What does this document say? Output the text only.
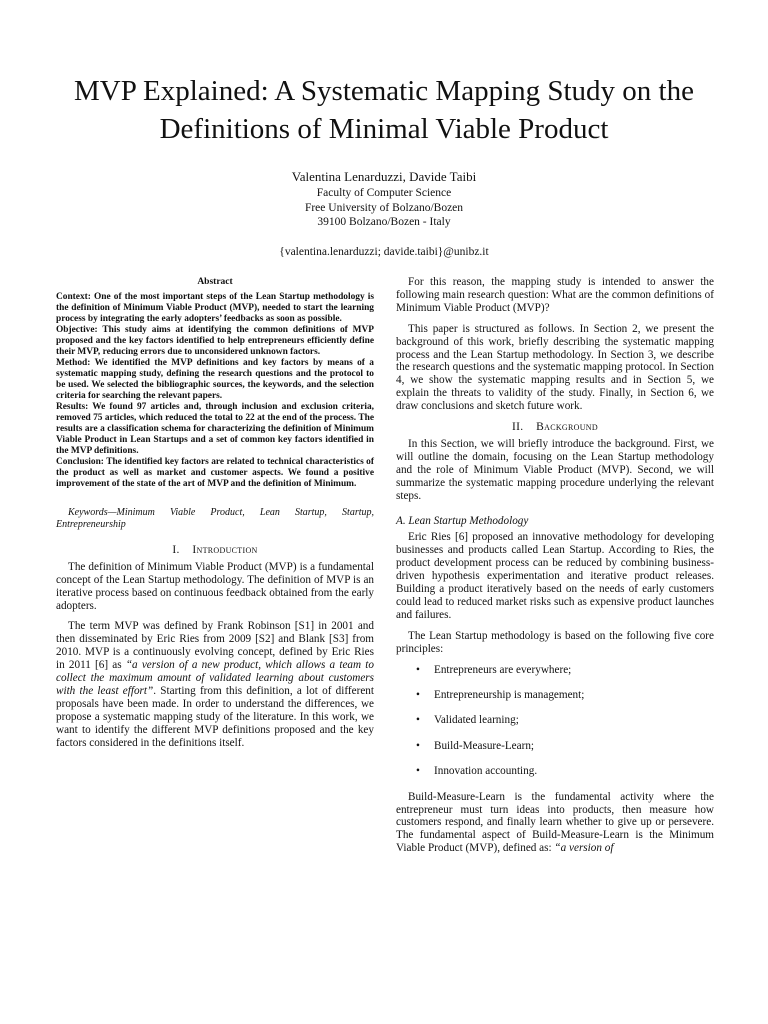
MVP Explained: A Systematic Mapping Study on the
Definitions of Minimal Viable Product
Valentina Lenarduzzi, Davide Taibi
Faculty of Computer Science
Free University of Bolzano/Bozen
39100 Bolzano/Bozen - Italy
{valentina.lenarduzzi; davide.taibi}@unibz.it

Abstract

Context: One of the most important steps of the Lean Startup methodology is the definition of Minimum Viable Product (MVP), needed to start the learning process by integrating the early adopters’ feedbacks as soon as possible.

Objective: This study aims at identifying the common definitions of MVP proposed and the key factors identified to help entrepreneurs efficiently define their MVP, reducing errors due to unconsidered unknown factors.

Method: We identified the MVP definitions and key factors by means of a systematic mapping study, defining the research questions and the protocol to be used. We selected the bibliographic sources, the keywords, and the selection criteria for searching the relevant papers.

Results: We found 97 articles and, through inclusion and exclusion criteria, removed 75 articles, which reduced the total to 22 at the end of the process. The results are a classification schema for characterizing the definition of Minimum Viable Product in Lean Startups and a set of common key factors identified in the MVP definitions.

Conclusion: The identified key factors are related to technical characteristics of the product as well as market and customer aspects. We found a positive improvement of the state of the art of MVP and the definition of Minimum.

Keywords—Minimum Viable Product, Lean Startup, Startup, Entrepreneurship

I. Introduction

The definition of Minimum Viable Product (MVP) is a fundamental concept of the Lean Startup methodology. The definition of MVP is an iterative process based on continuous feedback obtained from the early adopters.

The term MVP was defined by Frank Robinson [S1] in 2001 and then disseminated by Eric Ries from 2009 [S2] and Blank [S3] from 2010. MVP is a continuously evolving concept, defined by Eric Ries in 2011 [6] as “a version of a new product, which allows a team to collect the maximum amount of validated learning about customers with the least effort”. Starting from this definition, a lot of different proposals have been made. In order to understand the differences, we propose a systematic mapping study of the literature. In this work, we want to identify the different MVP definitions proposed and the key factors considered in the definitions itself.

For this reason, the mapping study is intended to answer the following main research question: What are the common definitions of Minimum Viable Product (MVP)?

This paper is structured as follows. In Section 2, we present the background of this work, briefly describing the systematic mapping process and the Lean Startup methodology. In Section 3, we describe the research questions and the systematic mapping protocol. In Section 4, we show the systematic mapping results and in Section 5, we explain the threats to validity of the study. Finally, in Section 6, we draw conclusions and sketch future work.

II. Background

In this Section, we will briefly introduce the background. First, we will outline the domain, focusing on the Lean Startup methodology and the role of Minimum Viable Product (MVP). Second, we will summarize the systematic mapping procedure underlying the relevant steps.

A. Lean Startup Methodology

Eric Ries [6] proposed an innovative methodology for developing businesses and products called Lean Startup. According to Ries, the product development process can be reduced by combining business-driven hypothesis experimentation and iterative product releases. Building a product iteratively based on the needs of early customers could lead to reduced market risks such as expensive product launches and failures.

The Lean Startup methodology is based on the following five core principles:

• Entrepreneurs are everywhere;
• Entrepreneurship is management;
• Validated learning;
• Build-Measure-Learn;
• Innovation accounting.

Build-Measure-Learn is the fundamental activity where the entrepreneur must turn ideas into products, then measure how customers respond, and finally learn whether to give up or persevere. The fundamental aspect of Build-Measure-Learn is the Minimum Viable Product (MVP), defined as: “a version of
